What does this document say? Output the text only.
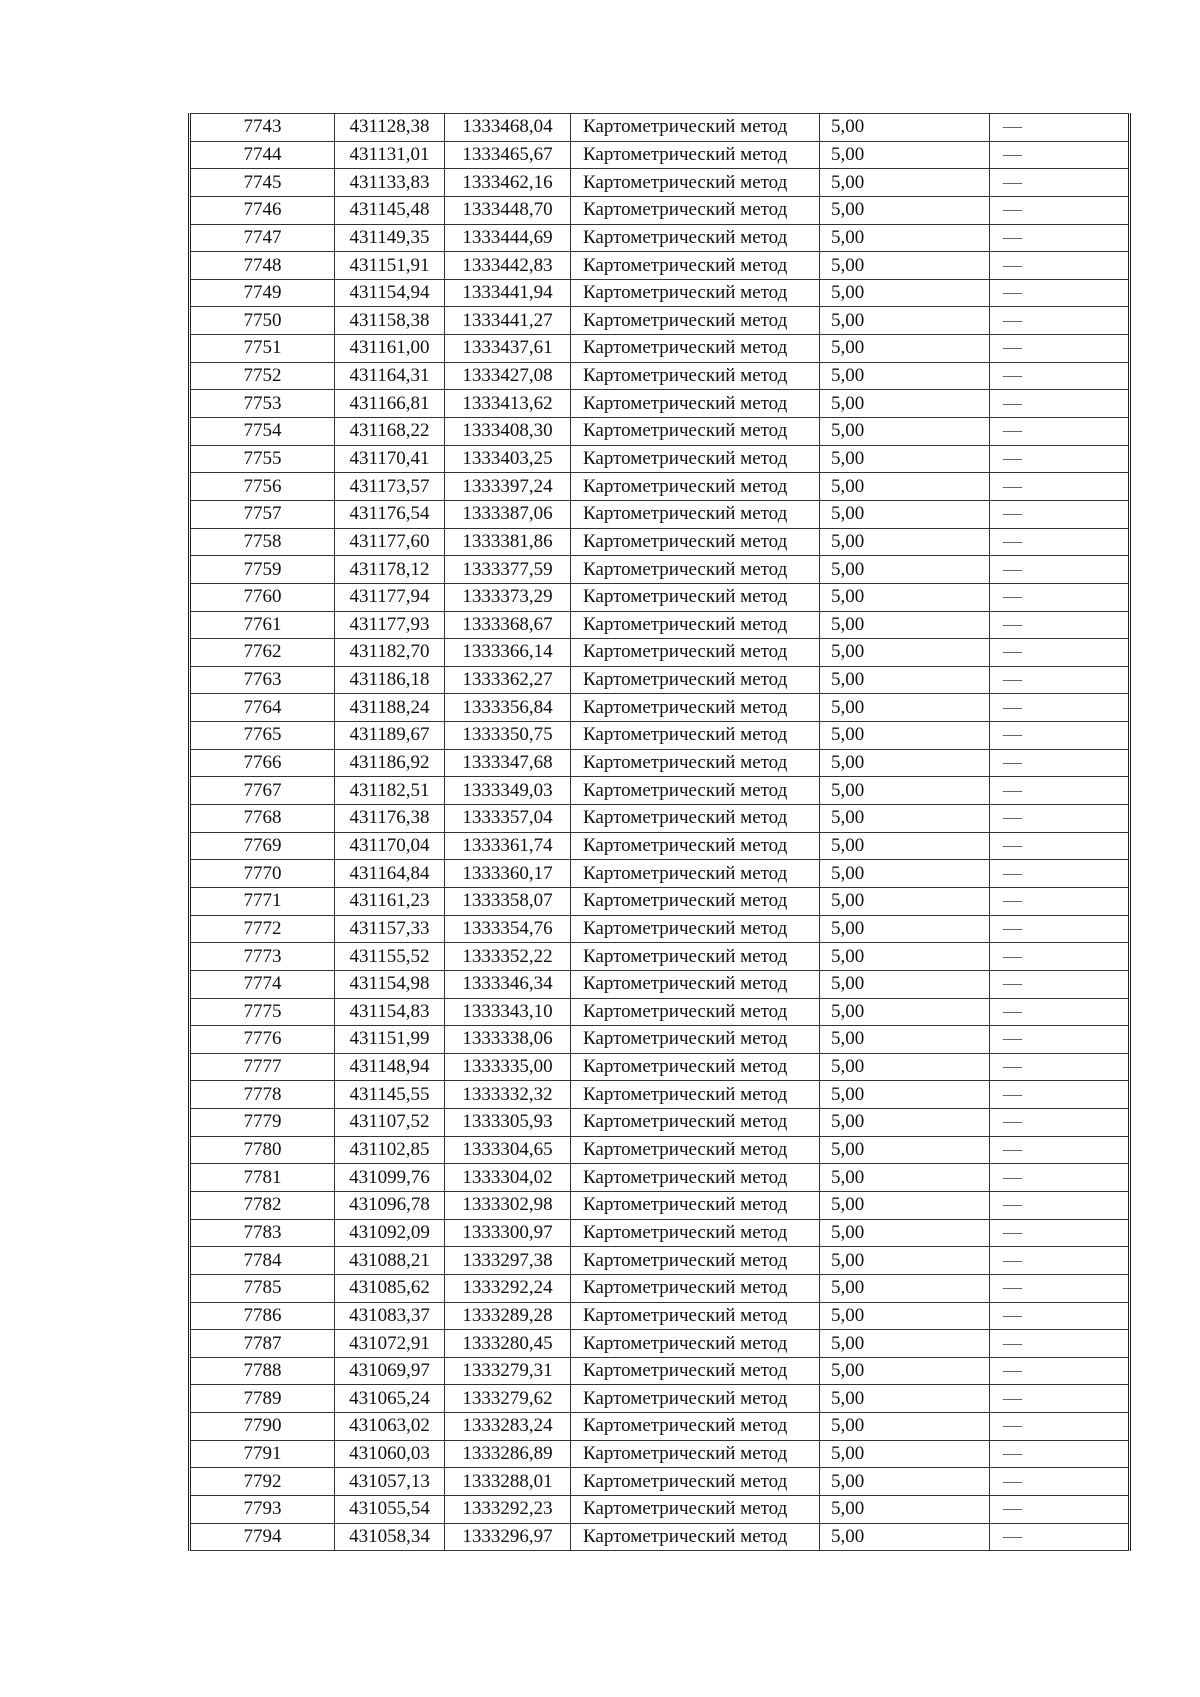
7743	431128,38	1333468,04	Картометрический метод	5,00	—
7744	431131,01	1333465,67	Картометрический метод	5,00	—
7745	431133,83	1333462,16	Картометрический метод	5,00	—
7746	431145,48	1333448,70	Картометрический метод	5,00	—
7747	431149,35	1333444,69	Картометрический метод	5,00	—
7748	431151,91	1333442,83	Картометрический метод	5,00	—
7749	431154,94	1333441,94	Картометрический метод	5,00	—
7750	431158,38	1333441,27	Картометрический метод	5,00	—
7751	431161,00	1333437,61	Картометрический метод	5,00	—
7752	431164,31	1333427,08	Картометрический метод	5,00	—
7753	431166,81	1333413,62	Картометрический метод	5,00	—
7754	431168,22	1333408,30	Картометрический метод	5,00	—
7755	431170,41	1333403,25	Картометрический метод	5,00	—
7756	431173,57	1333397,24	Картометрический метод	5,00	—
7757	431176,54	1333387,06	Картометрический метод	5,00	—
7758	431177,60	1333381,86	Картометрический метод	5,00	—
7759	431178,12	1333377,59	Картометрический метод	5,00	—
7760	431177,94	1333373,29	Картометрический метод	5,00	—
7761	431177,93	1333368,67	Картометрический метод	5,00	—
7762	431182,70	1333366,14	Картометрический метод	5,00	—
7763	431186,18	1333362,27	Картометрический метод	5,00	—
7764	431188,24	1333356,84	Картометрический метод	5,00	—
7765	431189,67	1333350,75	Картометрический метод	5,00	—
7766	431186,92	1333347,68	Картометрический метод	5,00	—
7767	431182,51	1333349,03	Картометрический метод	5,00	—
7768	431176,38	1333357,04	Картометрический метод	5,00	—
7769	431170,04	1333361,74	Картометрический метод	5,00	—
7770	431164,84	1333360,17	Картометрический метод	5,00	—
7771	431161,23	1333358,07	Картометрический метод	5,00	—
7772	431157,33	1333354,76	Картометрический метод	5,00	—
7773	431155,52	1333352,22	Картометрический метод	5,00	—
7774	431154,98	1333346,34	Картометрический метод	5,00	—
7775	431154,83	1333343,10	Картометрический метод	5,00	—
7776	431151,99	1333338,06	Картометрический метод	5,00	—
7777	431148,94	1333335,00	Картометрический метод	5,00	—
7778	431145,55	1333332,32	Картометрический метод	5,00	—
7779	431107,52	1333305,93	Картометрический метод	5,00	—
7780	431102,85	1333304,65	Картометрический метод	5,00	—
7781	431099,76	1333304,02	Картометрический метод	5,00	—
7782	431096,78	1333302,98	Картометрический метод	5,00	—
7783	431092,09	1333300,97	Картометрический метод	5,00	—
7784	431088,21	1333297,38	Картометрический метод	5,00	—
7785	431085,62	1333292,24	Картометрический метод	5,00	—
7786	431083,37	1333289,28	Картометрический метод	5,00	—
7787	431072,91	1333280,45	Картометрический метод	5,00	—
7788	431069,97	1333279,31	Картометрический метод	5,00	—
7789	431065,24	1333279,62	Картометрический метод	5,00	—
7790	431063,02	1333283,24	Картометрический метод	5,00	—
7791	431060,03	1333286,89	Картометрический метод	5,00	—
7792	431057,13	1333288,01	Картометрический метод	5,00	—
7793	431055,54	1333292,23	Картометрический метод	5,00	—
7794	431058,34	1333296,97	Картометрический метод	5,00	—
